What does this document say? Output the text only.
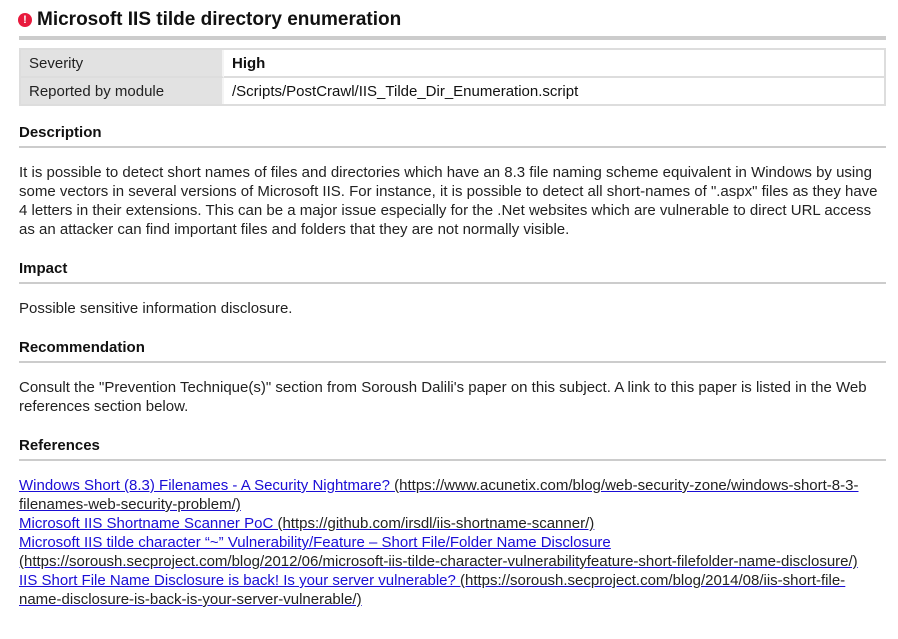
! Microsoft IIS tilde directory enumeration
Severity	High
Reported by module	/Scripts/PostCrawl/IIS_Tilde_Dir_Enumeration.script
Description

It is possible to detect short names of files and directories which have an 8.3 file naming scheme equivalent in Windows by using some vectors in several versions of Microsoft IIS. For instance, it is possible to detect all short-names of ".aspx" files as they have 4 letters in their extensions. This can be a major issue especially for the .Net websites which are vulnerable to direct URL access as an attacker can find important files and folders that they are not normally visible.

Impact

Possible sensitive information disclosure.

Recommendation

Consult the "Prevention Technique(s)" section from Soroush Dalili's paper on this subject. A link to this paper is listed in the Web references section below.

References
Windows Short (8.3) Filenames - A Security Nightmare? (https://www.acunetix.com/blog/web-security-zone/windows-short-8-3-filenames-web-security-problem/)
Microsoft IIS Shortname Scanner PoC (https://github.com/irsdl/iis-shortname-scanner/)
Microsoft IIS tilde character “~” Vulnerability/Feature – Short File/Folder Name Disclosure (https://soroush.secproject.com/blog/2012/06/microsoft-iis-tilde-character-vulnerabilityfeature-short-filefolder-name-disclosure/)
IIS Short File Name Disclosure is back! Is your server vulnerable? (https://soroush.secproject.com/blog/2014/08/iis-short-file-name-disclosure-is-back-is-your-server-vulnerable/)
